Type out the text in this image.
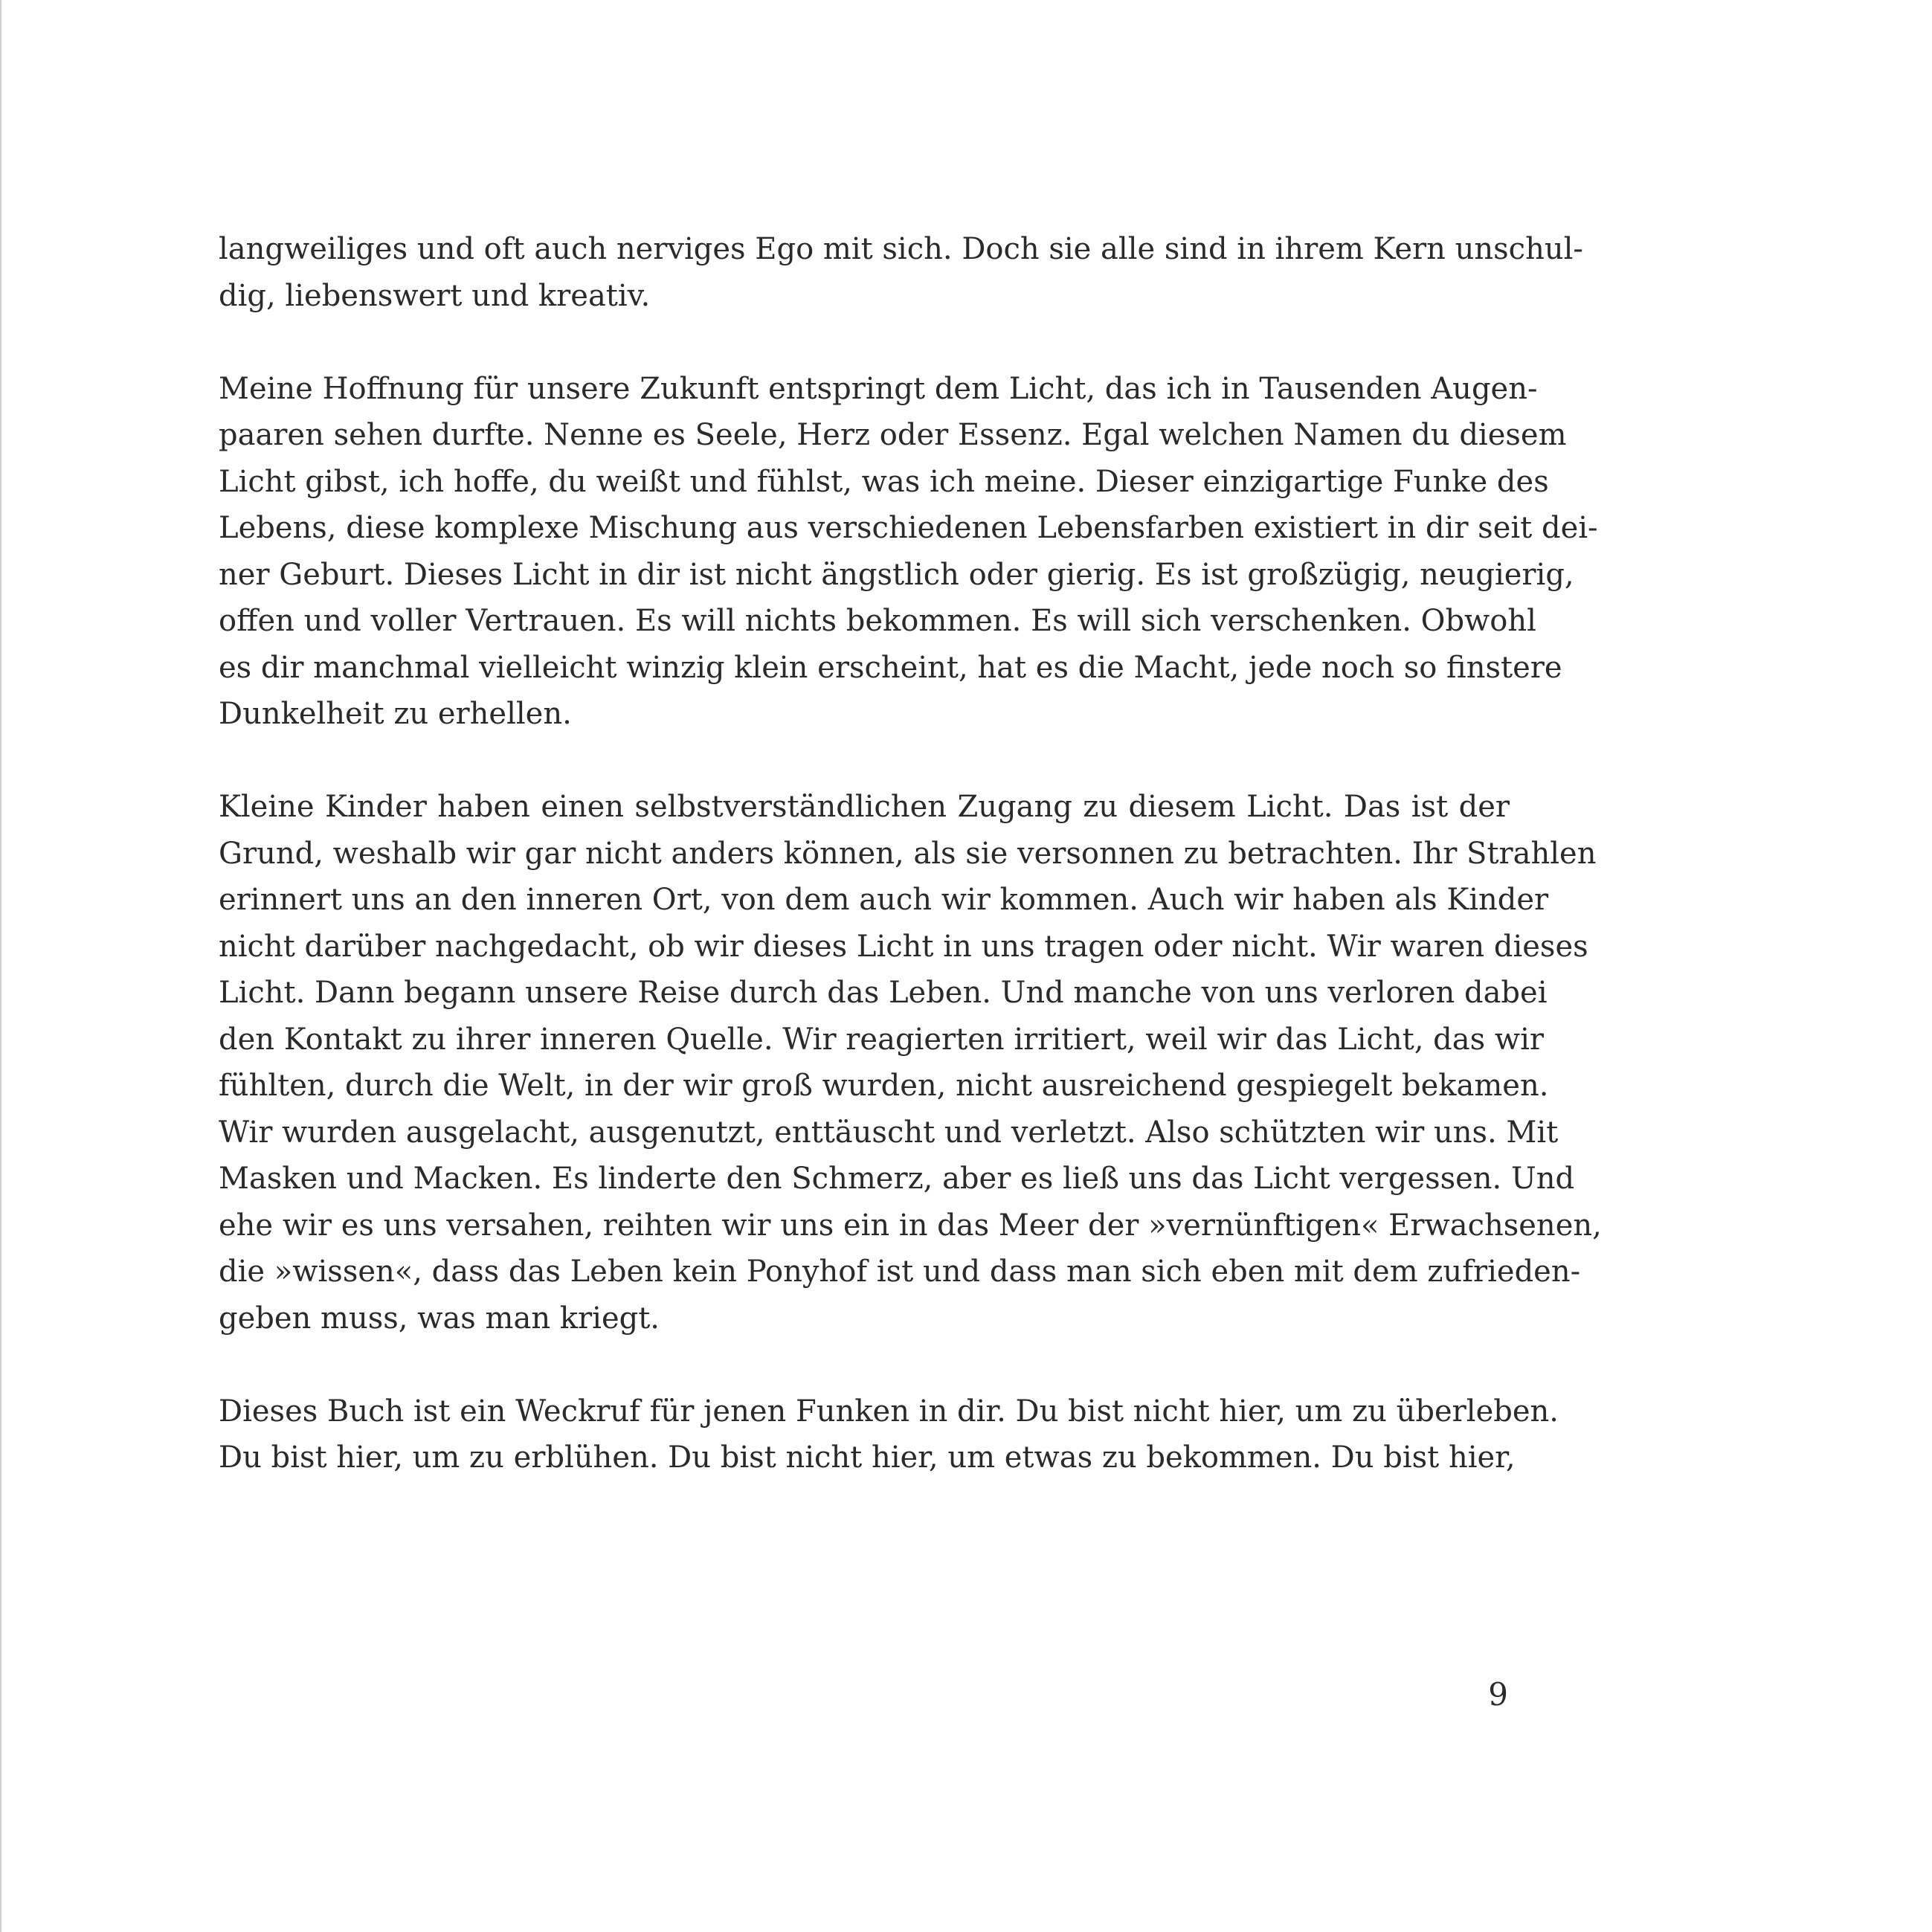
langweiliges und oft auch nerviges Ego mit sich. Doch sie alle sind in ihrem Kern unschul-
dig, liebenswert und kreativ.
Meine Hoffnung für unsere Zukunft entspringt dem Licht, das ich in Tausenden Augen-
paaren sehen durfte. Nenne es Seele, Herz oder Essenz. Egal welchen Namen du diesem
Licht gibst, ich hoffe, du weißt und fühlst, was ich meine. Dieser einzigartige Funke des
Lebens, diese komplexe Mischung aus verschiedenen Lebensfarben existiert in dir seit dei-
ner Geburt. Dieses Licht in dir ist nicht ängstlich oder gierig. Es ist großzügig, neugierig,
offen und voller Vertrauen. Es will nichts bekommen. Es will sich verschenken. Obwohl
es dir manchmal vielleicht winzig klein erscheint, hat es die Macht, jede noch so finstere
Dunkelheit zu erhellen.
Kleine Kinder haben einen selbstverständlichen Zugang zu diesem Licht. Das ist der
Grund, weshalb wir gar nicht anders können, als sie versonnen zu betrachten. Ihr Strahlen
erinnert uns an den inneren Ort, von dem auch wir kommen. Auch wir haben als Kinder
nicht darüber nachgedacht, ob wir dieses Licht in uns tragen oder nicht. Wir waren dieses
Licht. Dann begann unsere Reise durch das Leben. Und manche von uns verloren dabei
den Kontakt zu ihrer inneren Quelle. Wir reagierten irritiert, weil wir das Licht, das wir
fühlten, durch die Welt, in der wir groß wurden, nicht ausreichend gespiegelt bekamen.
Wir wurden ausgelacht, ausgenutzt, enttäuscht und verletzt. Also schützten wir uns. Mit
Masken und Macken. Es linderte den Schmerz, aber es ließ uns das Licht vergessen. Und
ehe wir es uns versahen, reihten wir uns ein in das Meer der »vernünftigen« Erwachsenen,
die »wissen«, dass das Leben kein Ponyhof ist und dass man sich eben mit dem zufrieden-
geben muss, was man kriegt.
Dieses Buch ist ein Weckruf für jenen Funken in dir. Du bist nicht hier, um zu überleben.
Du bist hier, um zu erblühen. Du bist nicht hier, um etwas zu bekommen. Du bist hier,
9
